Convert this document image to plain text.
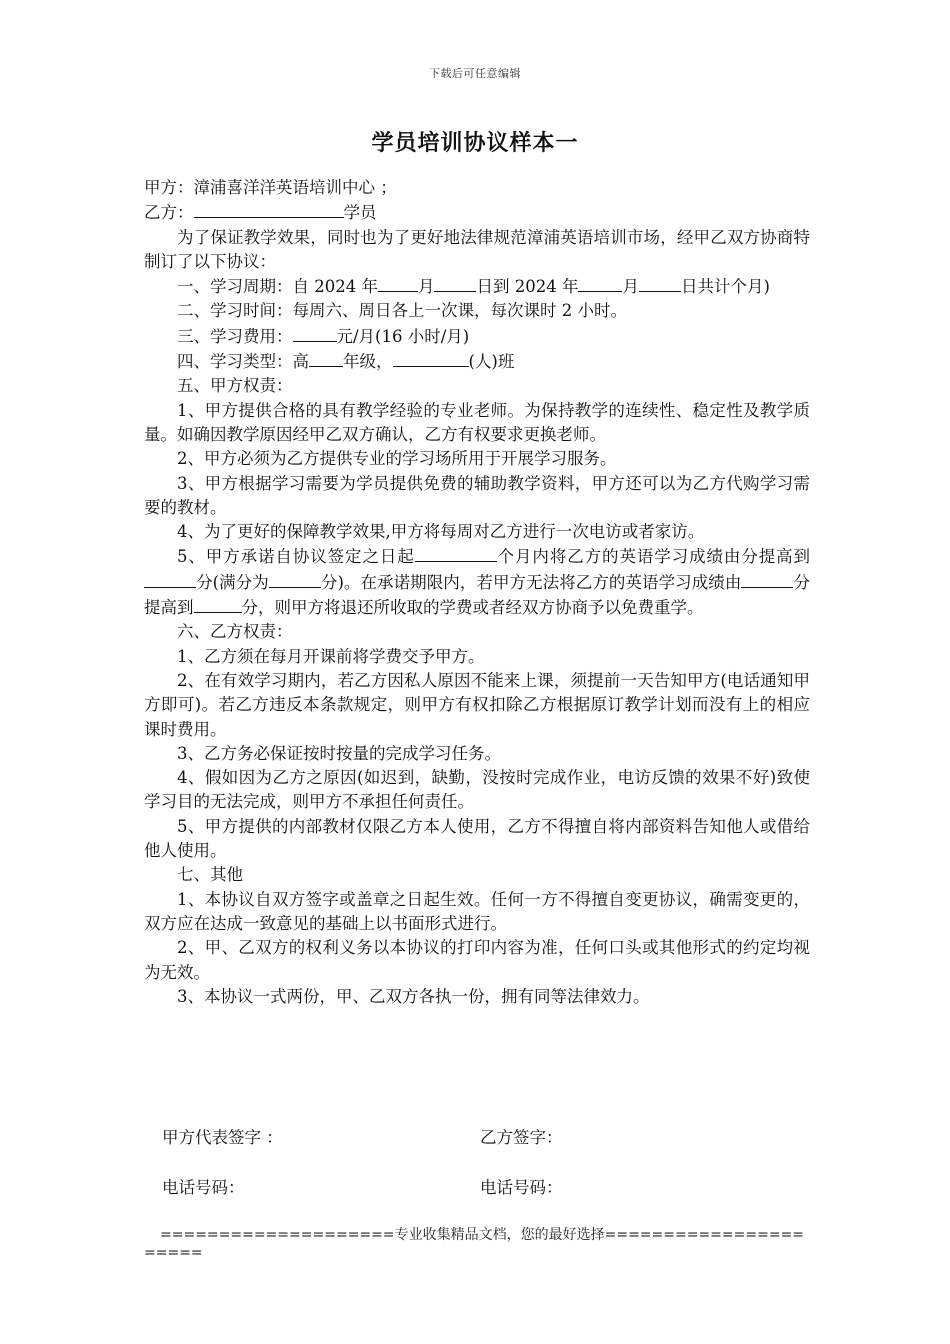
下载后可任意编辑
学员培训协议样本一

甲方：漳浦喜洋洋英语培训中心 ；

乙方：	学员

为了保证教学效果，同时也为了更好地法律规范漳浦英语培训市场，经甲乙双方协商特制订了以下协议：

一、学习周期：自 2024 年 月	日到 2024 年	月	日共计个月)

二、学习时间：每周六、周日各上一次课，每次课时 2 小时。

三、学习费用：	元/月(16 小时/月)

四、学习类型：高 年级，	(人)班

五、甲方权责：

1、甲方提供合格的具有教学经验的专业老师。为保持教学的连续性、稳定性及教学质量。如确因教学原因经甲乙双方确认，乙方有权要求更换老师。

2、甲方必须为乙方提供专业的学习场所用于开展学习服务。

3、甲方根据学习需要为学员提供免费的辅助教学资料，甲方还可以为乙方代购学习需要的教材。

4、为了更好的保障教学效果,甲方将每周对乙方进行一次电访或者家访。

5、甲方承诺自协议签定之日起	个月内将乙方的英语学习成绩由分提高到分(满分为	分)。在承诺期限内，若甲方无法将乙方的英语学习成绩由	分提高到	分，则甲方将退还所收取的学费或者经双方协商予以免费重学。

六、乙方权责：

1、乙方须在每月开课前将学费交予甲方。

2、在有效学习期内，若乙方因私人原因不能来上课，须提前一天告知甲方(电话通知甲方即可)。若乙方违反本条款规定，则甲方有权扣除乙方根据原订教学计划而没有上的相应课时费用。

3、乙方务必保证按时按量的完成学习任务。

4、假如因为乙方之原因(如迟到，缺勤，没按时完成作业，电访反馈的效果不好)致使学习目的无法完成，则甲方不承担任何责任。

5、甲方提供的内部教材仅限乙方本人使用，乙方不得擅自将内部资料告知他人或借给他人使用。

七、其他

1、本协议自双方签字或盖章之日起生效。任何一方不得擅自变更协议，确需变更的，双方应在达成一致意见的基础上以书面形式进行。

2、甲、乙双方的权利义务以本协议的打印内容为准，任何口头或其他形式的约定均视为无效。

3、本协议一式两份，甲、乙双方各执一份，拥有同等法律效力。

甲方代表签字 ：	乙方签字：
电话号码：	电话号码：
====================专业收集精品文档，您的最好选择======================
